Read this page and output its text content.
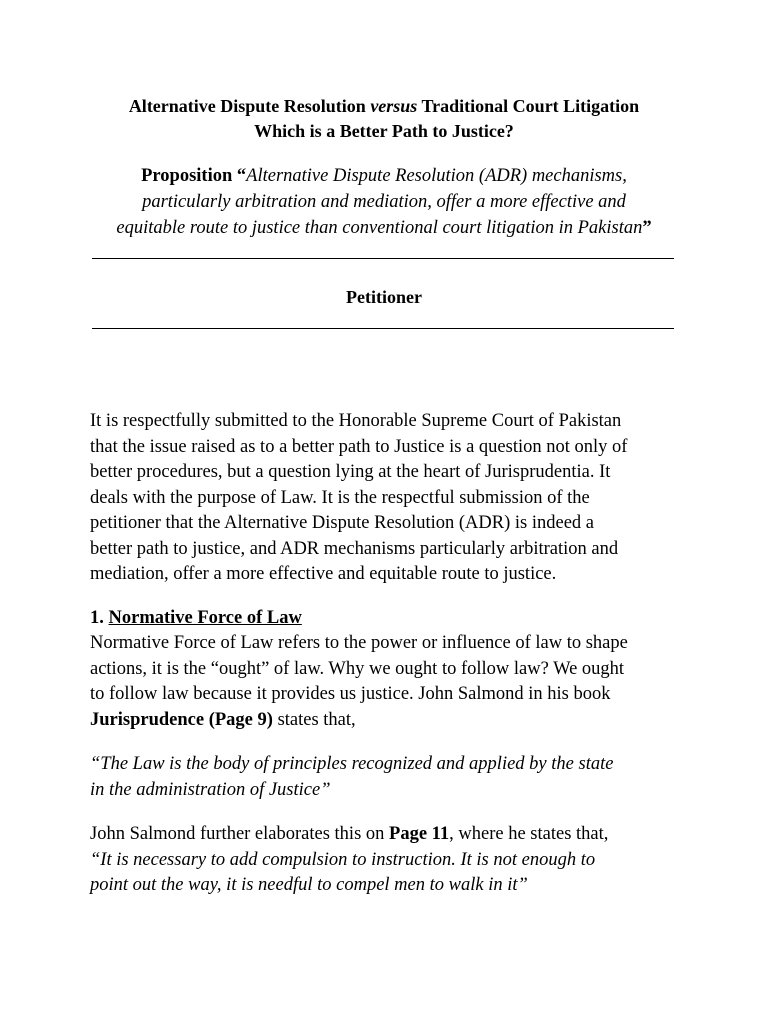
Alternative Dispute Resolution versus Traditional Court Litigation
Which is a Better Path to Justice?
Proposition “Alternative Dispute Resolution (ADR) mechanisms,
particularly arbitration and mediation, offer a more effective and
equitable route to justice than conventional court litigation in Pakistan”
Petitioner
It is respectfully submitted to the Honorable Supreme Court of Pakistan
that the issue raised as to a better path to Justice is a question not only of
better procedures, but a question lying at the heart of Jurisprudentia. It
deals with the purpose of Law. It is the respectful submission of the
petitioner that the Alternative Dispute Resolution (ADR) is indeed a
better path to justice, and ADR mechanisms particularly arbitration and
mediation, offer a more effective and equitable route to justice.
1. Normative Force of Law
Normative Force of Law refers to the power or influence of law to shape
actions, it is the “ought” of law. Why we ought to follow law? We ought
to follow law because it provides us justice. John Salmond in his book
Jurisprudence (Page 9) states that,
“The Law is the body of principles recognized and applied by the state
in the administration of Justice”
John Salmond further elaborates this on Page 11, where he states that,
“It is necessary to add compulsion to instruction. It is not enough to
point out the way, it is needful to compel men to walk in it”
